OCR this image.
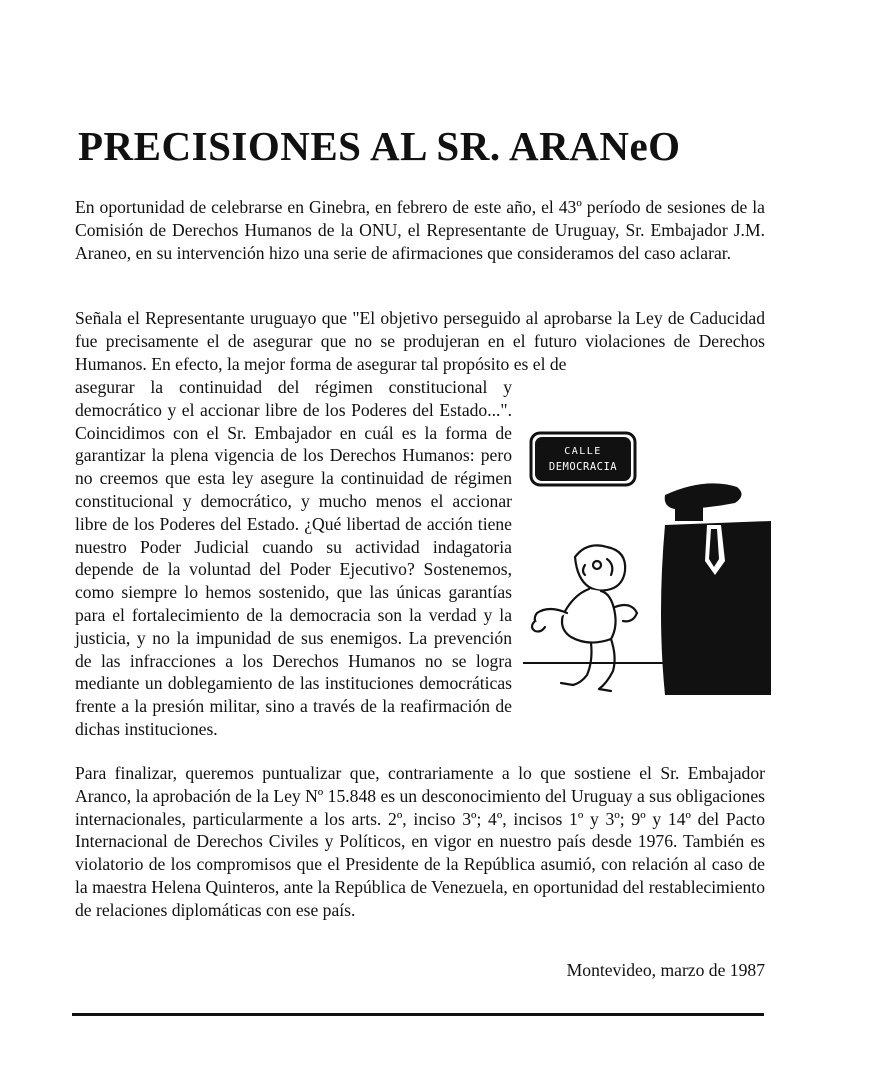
PRECISIONES AL SR. ARANeO

En oportunidad de celebrarse en Ginebra, en febrero de este año, el 43º período de sesiones de la Comisión de Derechos Humanos de la ONU, el Representante de Uruguay, Sr. Embajador J.M. Araneo, en su intervención hizo una serie de afirmaciones que consideramos del caso aclarar.

Señala el Representante uruguayo que "El objetivo perseguido al aprobarse la Ley de Caducidad fue precisamente el de asegurar que no se produjeran en el futuro violaciones de Derechos Humanos. En efecto, la mejor forma de asegurar tal propósito es el de

asegurar la continuidad del régimen constitucional y democrático y el accionar libre de los Poderes del Estado...". Coincidimos con el Sr. Embajador en cuál es la forma de garantizar la plena vigencia de los Derechos Humanos: pero no creemos que esta ley asegure la continuidad de régimen constitucional y democrático, y mucho menos el accionar libre de los Poderes del Estado. ¿Qué libertad de acción tiene nuestro Poder Judicial cuando su actividad indagatoria depende de la voluntad del Poder Ejecutivo? Sostenemos, como siempre lo hemos sostenido, que las únicas garantías para el fortalecimiento de la democracia son la verdad y la justicia, y no la impunidad de sus enemigos. La prevención de las infracciones a los Derechos Humanos no se logra mediante un doblegamiento de las instituciones democráticas frente a la presión militar, sino a través de la reafirmación de dichas instituciones.

CALLE
DEMOCRACIA

Para finalizar, queremos puntualizar que, contrariamente a lo que sostiene el Sr. Embajador Aranco, la aprobación de la Ley Nº 15.848 es un desconocimiento del Uruguay a sus obligaciones internacionales, particularmente a los arts. 2º, inciso 3º; 4º, incisos 1º y 3º; 9º y 14º del Pacto Internacional de Derechos Civiles y Políticos, en vigor en nuestro país desde 1976. También es violatorio de los compromisos que el Presidente de la República asumió, con relación al caso de la maestra Helena Quinteros, ante la República de Venezuela, en oportunidad del restablecimiento de relaciones diplomáticas con ese país.

Montevideo, marzo de 1987
